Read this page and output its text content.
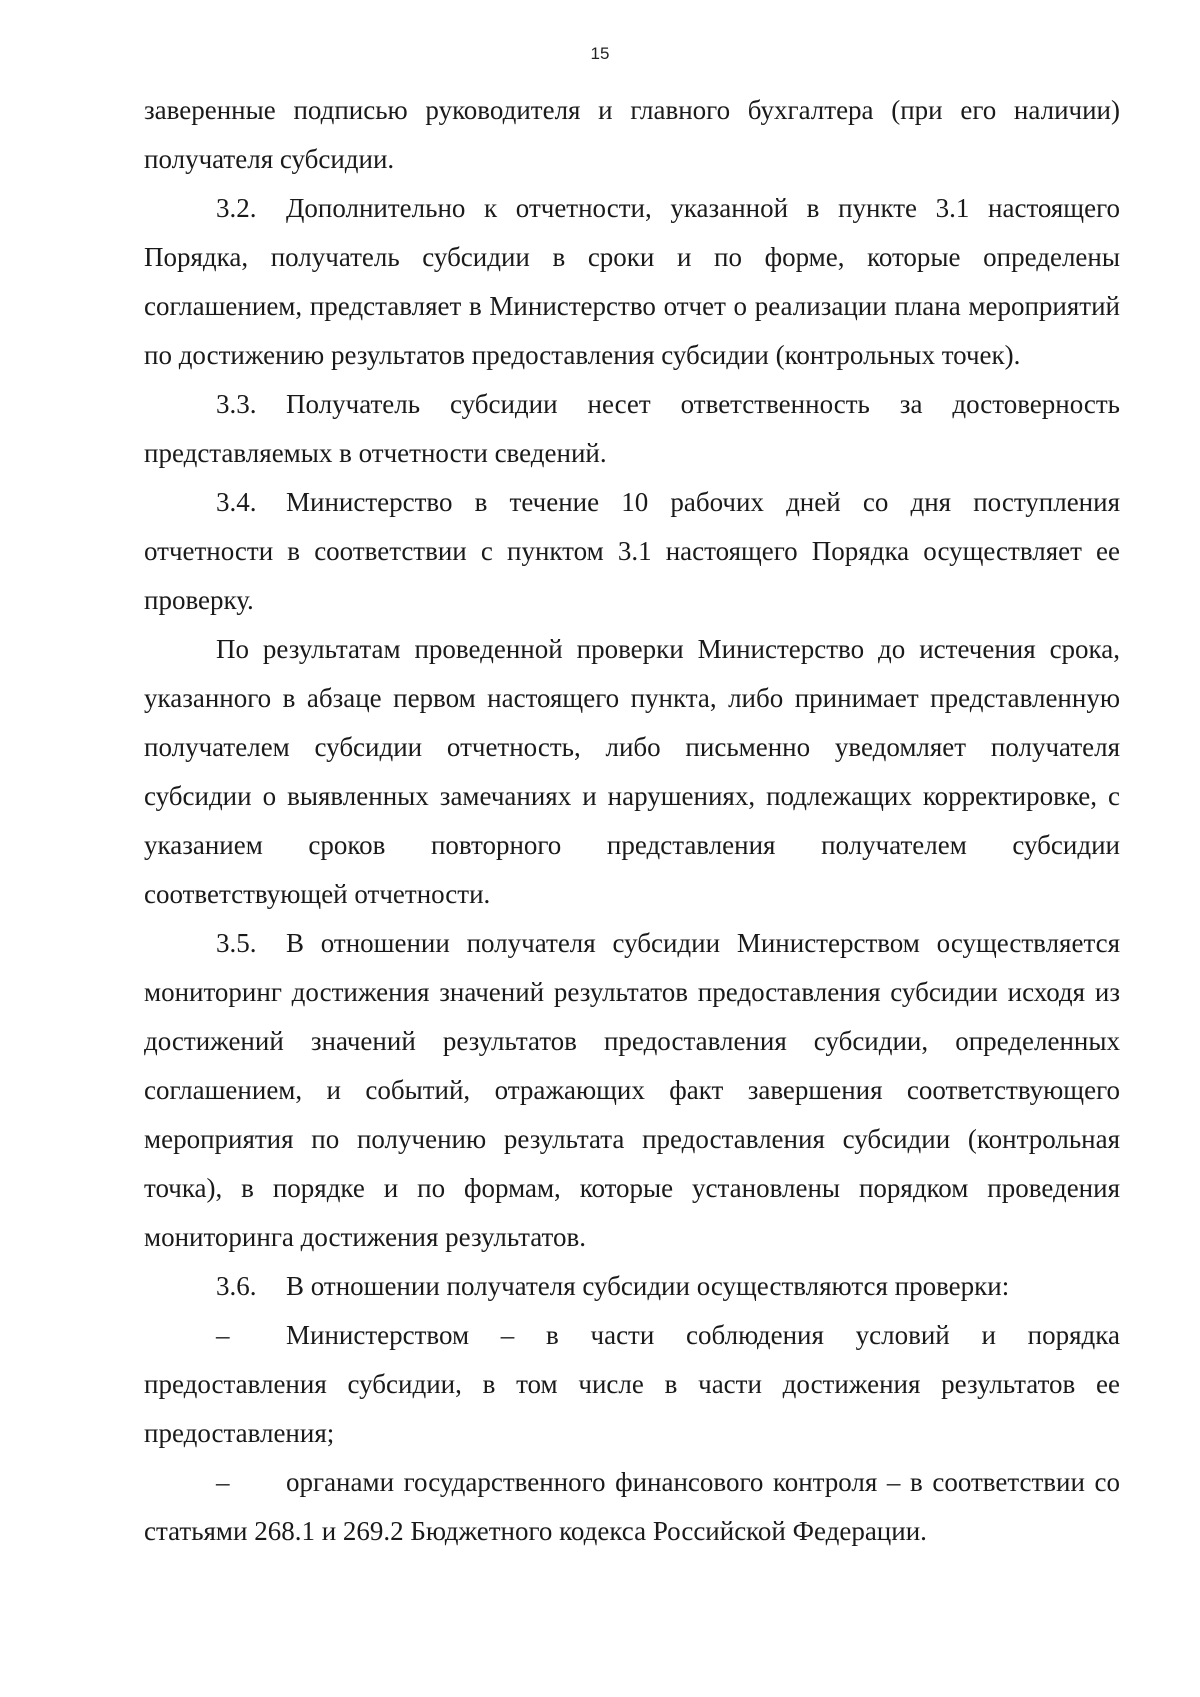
15

заверенные подписью руководителя и главного бухгалтера (при его наличии) получателя субсидии.

3.2. Дополнительно к отчетности, указанной в пункте 3.1 настоящего Порядка, получатель субсидии в сроки и по форме, которые определены соглашением, представляет в Министерство отчет о реализации плана мероприятий по достижению результатов предоставления субсидии (контрольных точек).

3.3. Получатель субсидии несет ответственность за достоверность представляемых в отчетности сведений.

3.4. Министерство в течение 10 рабочих дней со дня поступления отчетности в соответствии с пунктом 3.1 настоящего Порядка осуществляет ее проверку.

По результатам проведенной проверки Министерство до истечения срока, указанного в абзаце первом настоящего пункта, либо принимает представленную получателем субсидии отчетность, либо письменно уведомляет получателя субсидии о выявленных замечаниях и нарушениях, подлежащих корректировке, с указанием сроков повторного представления получателем субсидии соответствующей отчетности.

3.5. В отношении получателя субсидии Министерством осуществляется мониторинг достижения значений результатов предоставления субсидии исходя из достижений значений результатов предоставления субсидии, определенных соглашением, и событий, отражающих факт завершения соответствующего мероприятия по получению результата предоставления субсидии (контрольная точка), в порядке и по формам, которые установлены порядком проведения мониторинга достижения результатов.

3.6. В отношении получателя субсидии осуществляются проверки:

– Министерством – в части соблюдения условий и порядка предоставления субсидии, в том числе в части достижения результатов ее предоставления;

– органами государственного финансового контроля – в соответствии со статьями 268.1 и 269.2 Бюджетного кодекса Российской Федерации.
